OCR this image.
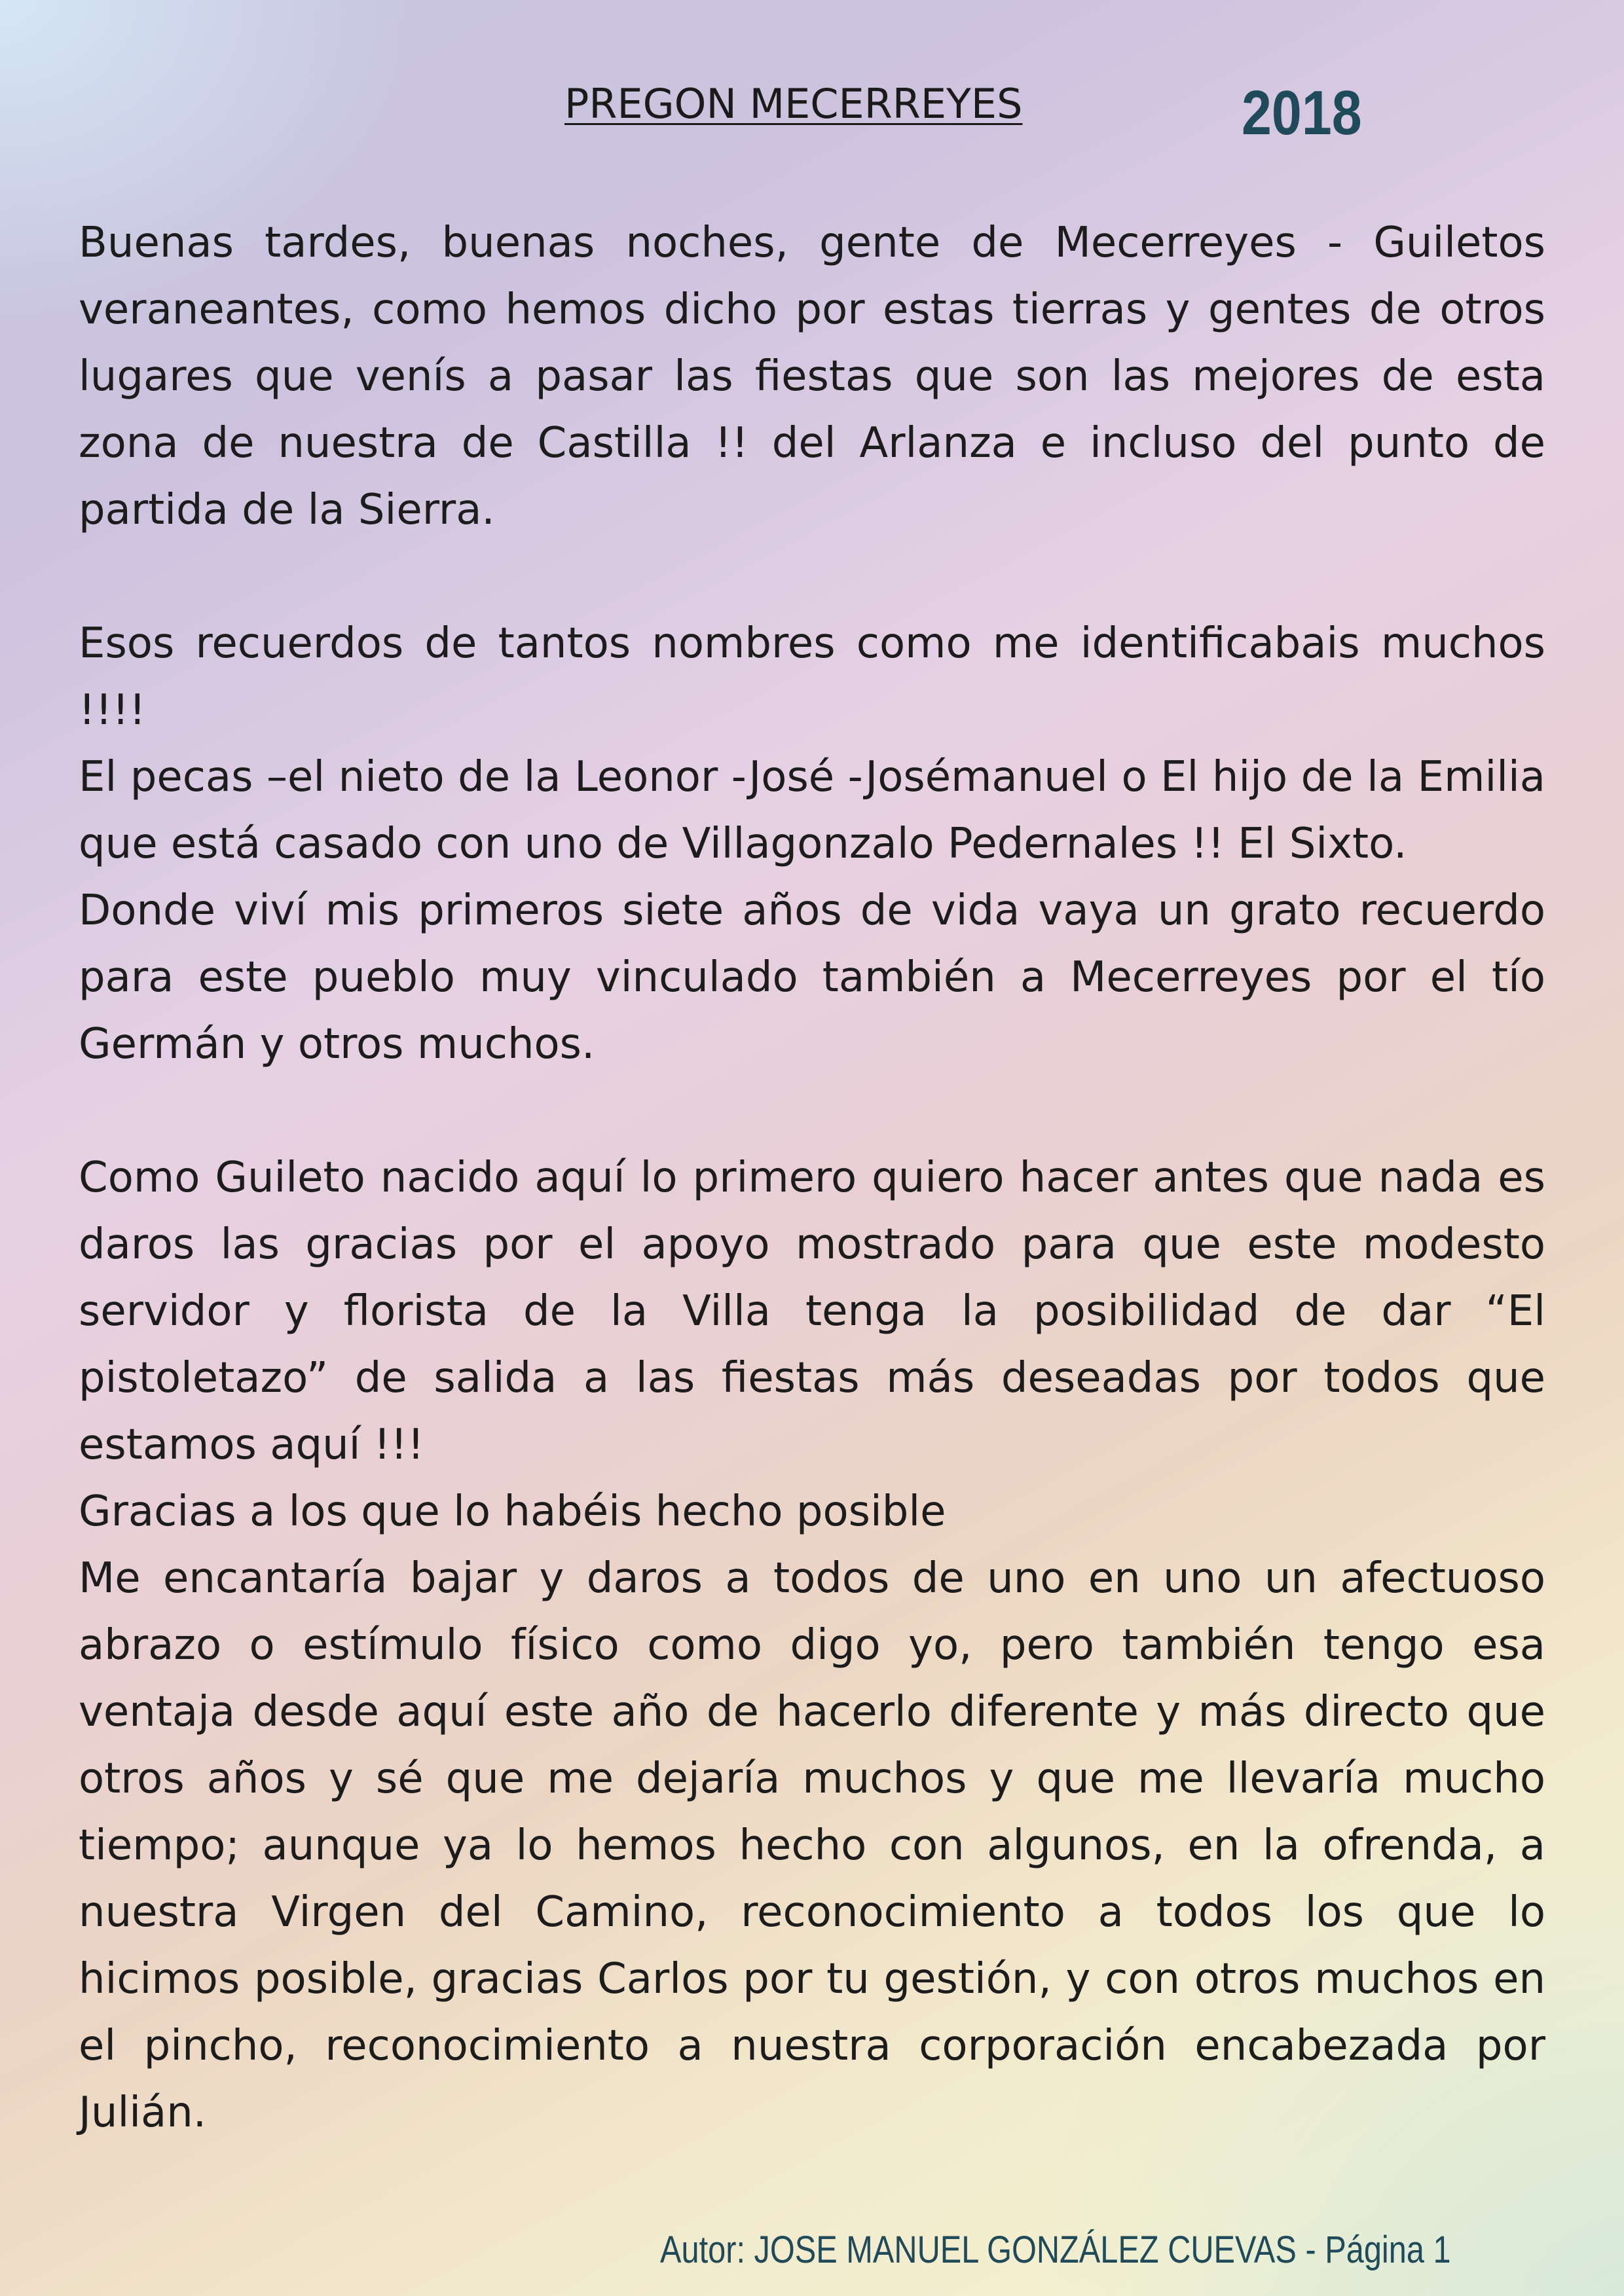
PREGON MECERREYES	2018

Buenas tardes, buenas noches, gente de Mecerreyes - Guiletos veraneantes, como hemos dicho por estas tierras y gentes de otros lugares que venís a pasar las fiestas que son las mejores de esta zona de nuestra de Castilla !! del Arlanza e incluso del punto de partida de la Sierra.

Esos recuerdos de tantos nombres como me identificabais muchos !!!!

El pecas –el nieto de la Leonor -José -Josémanuel o El hijo de la Emilia que está casado con uno de Villagonzalo Pedernales !! El Sixto.

Donde viví mis primeros siete años de vida vaya un grato recuerdo para este pueblo muy vinculado también a Mecerreyes por el tío Germán y otros muchos.

Como Guileto nacido aquí lo primero quiero hacer antes que nada es daros las gracias por el apoyo mostrado para que este modesto servidor y florista de la Villa tenga la posibilidad de dar “El pistoletazo” de salida a las fiestas más deseadas por todos que estamos aquí !!!

Gracias a los que lo habéis hecho posible

Me encantaría bajar y daros a todos de uno en uno un afectuoso abrazo o estímulo físico como digo yo, pero también tengo esa ventaja desde aquí este año de hacerlo diferente y más directo que otros años y sé que me dejaría muchos y que me llevaría mucho tiempo; aunque ya lo hemos hecho con algunos, en la ofrenda, a nuestra Virgen del Camino, reconocimiento a todos los que lo hicimos posible, gracias Carlos por tu gestión, y con otros muchos en el pincho, reconocimiento a nuestra corporación encabezada por Julián.

Autor: JOSE MANUEL GONZÁLEZ CUEVAS - Página 1
